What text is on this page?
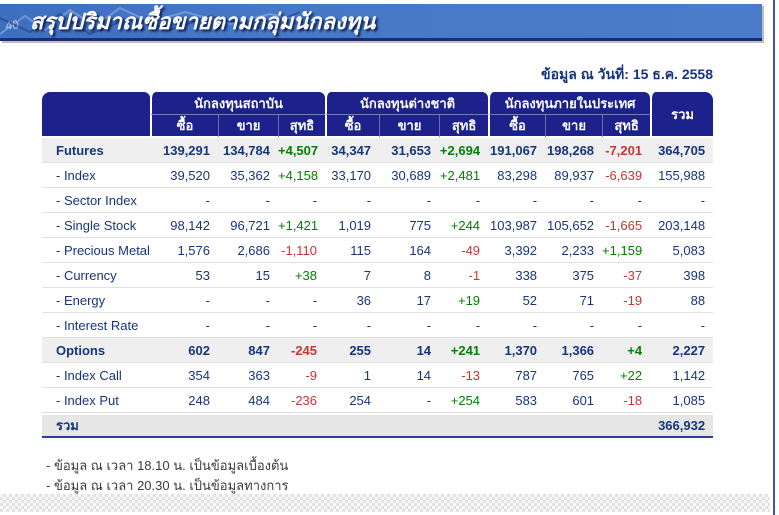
40 สรุปปริมาณซื้อขายตามกลุ่มนักลงทุน
ข้อมูล ณ วันที่: 15 ธ.ค. 2558
	นักลงทุนสถาบัน			นักลงทุนต่างชาติ			นักลงทุนภายในประเทศ			รวม
	ซื้อ	ขาย	สุทธิ	ซื้อ	ขาย	สุทธิ	ซื้อ	ขาย	สุทธิ	
Futures	139,291	134,784	+4,507	34,347	31,653	+2,694	191,067	198,268	-7,201	364,705
- Index	39,520	35,362	+4,158	33,170	30,689	+2,481	83,298	89,937	-6,639	155,988
- Sector Index	-	-	-	-	-	-	-	-	-	-
- Single Stock	98,142	96,721	+1,421	1,019	775	+244	103,987	105,652	-1,665	203,148
- Precious Metal	1,576	2,686	-1,110	115	164	-49	3,392	2,233	+1,159	5,083
- Currency	53	15	+38	7	8	-1	338	375	-37	398
- Energy	-	-	-	36	17	+19	52	71	-19	88
- Interest Rate	-	-	-	-	-	-	-	-	-	-
Options	602	847	-245	255	14	+241	1,370	1,366	+4	2,227
- Index Call	354	363	-9	1	14	-13	787	765	+22	1,142
- Index Put	248	484	-236	254	-	+254	583	601	-18	1,085
รวม										366,932
- ข้อมูล ณ เวลา 18.10 น. เป็นข้อมูลเบื้องต้น
- ข้อมูล ณ เวลา 20.30 น. เป็นข้อมูลทางการ
